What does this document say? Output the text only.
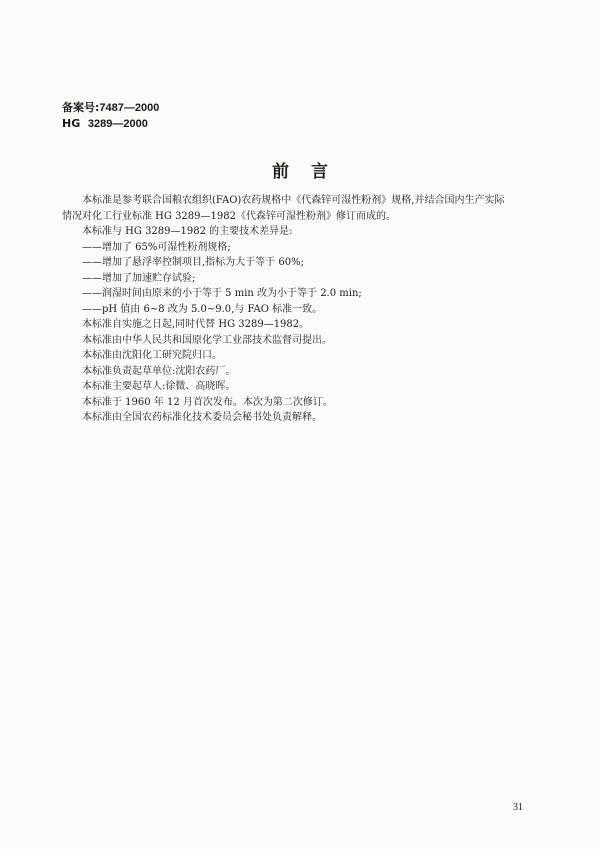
备案号:7487—2000
HG 3289—2000
前言

本标准是参考联合国粮农组织(FAO)农药规格中《代森锌可湿性粉剂》规格,并结合国内生产实际

情况对化工行业标准 HG 3289—1982《代森锌可湿性粉剂》修订而成的。

本标准与 HG 3289—1982 的主要技术差异是:

——增加了 65%可湿性粉剂规格;

——增加了悬浮率控制项目,指标为大于等于 60%;

——增加了加速贮存试验;

——润湿时间由原来的小于等于 5 min 改为小于等于 2.0 min;

——pH 值由 6~8 改为 5.0~9.0,与 FAO 标准一致。

本标准自实施之日起,同时代替 HG 3289—1982。

本标准由中华人民共和国原化学工业部技术监督司提出。

本标准由沈阳化工研究院归口。

本标准负责起草单位:沈阳农药厂。

本标准主要起草人:徐微、高晓晖。

本标准于 1960 年 12 月首次发布。本次为第二次修订。

本标准由全国农药标准化技术委员会秘书处负责解释。

31
